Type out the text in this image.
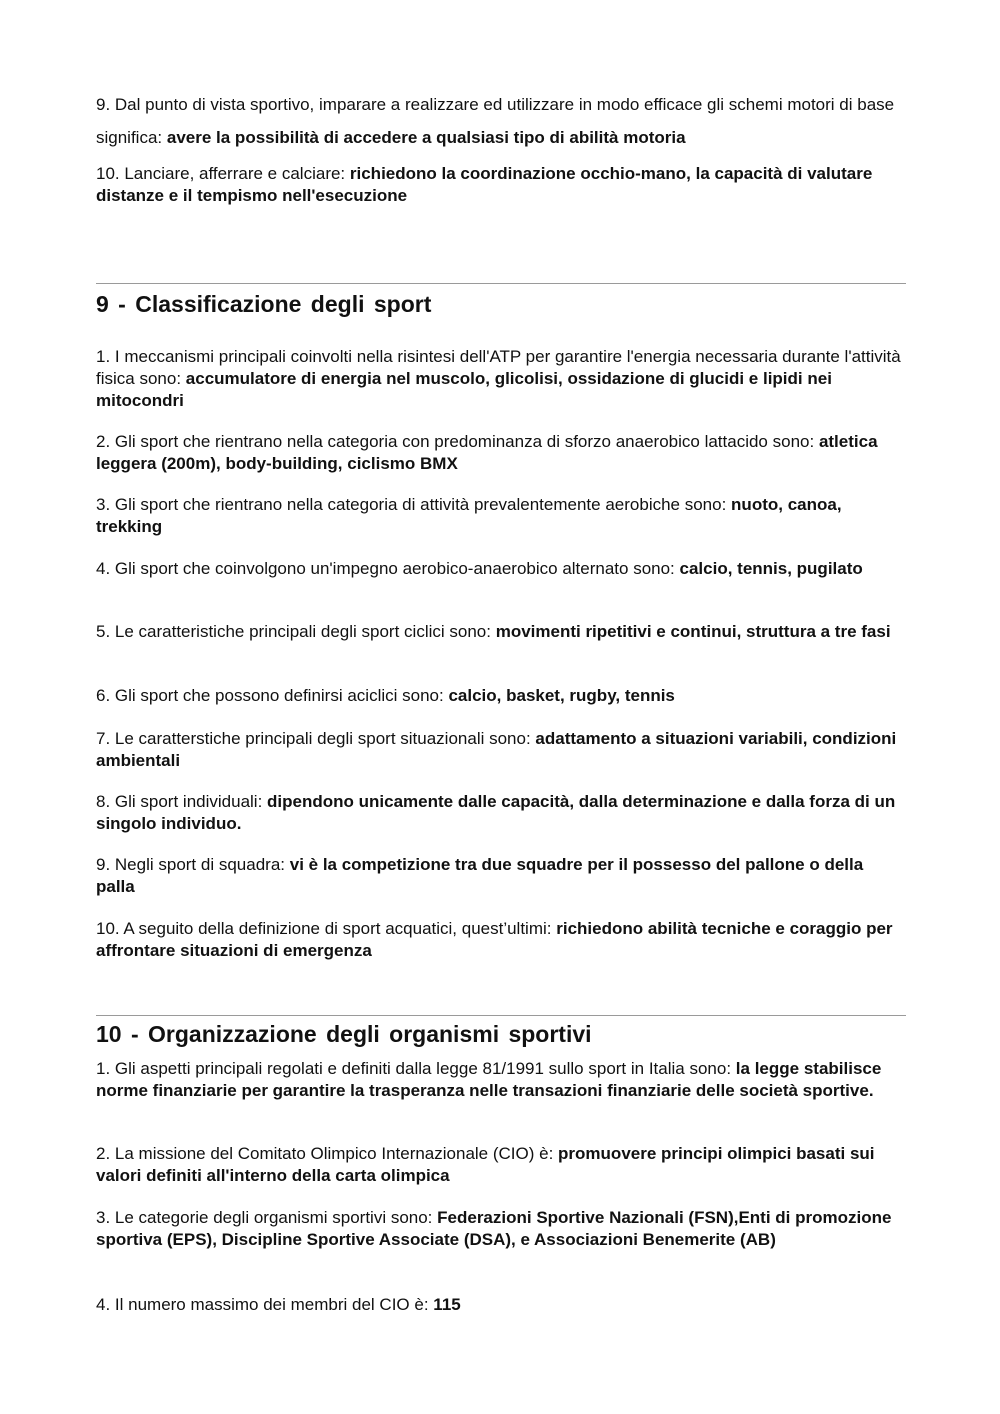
9. Dal punto di vista sportivo, imparare a realizzare ed utilizzare in modo efficace gli schemi motori di base significa: avere la possibilità di accedere a qualsiasi tipo di abilità motoria

10. Lanciare, afferrare e calciare: richiedono la coordinazione occhio-mano, la capacità di valutare distanze e il tempismo nell'esecuzione

9 - Classificazione degli sport

1. I meccanismi principali coinvolti nella risintesi dell'ATP per garantire l'energia necessaria durante l'attività fisica sono: accumulatore di energia nel muscolo, glicolisi, ossidazione di glucidi e lipidi nei mitocondri

2. Gli sport che rientrano nella categoria con predominanza di sforzo anaerobico lattacido sono: atletica leggera (200m), body-building, ciclismo BMX

3. Gli sport che rientrano nella categoria di attività prevalentemente aerobiche sono: nuoto, canoa, trekking

4. Gli sport che coinvolgono un'impegno aerobico-anaerobico alternato sono: calcio, tennis, pugilato

5. Le caratteristiche principali degli sport ciclici sono: movimenti ripetitivi e continui, struttura a tre fasi

6. Gli sport che possono definirsi aciclici sono: calcio, basket, rugby, tennis

7. Le caratterstiche principali degli sport situazionali sono: adattamento a situazioni variabili, condizioni ambientali

8. Gli sport individuali: dipendono unicamente dalle capacità, dalla determinazione e dalla forza di un singolo individuo.

9. Negli sport di squadra: vi è la competizione tra due squadre per il possesso del pallone o della palla

10. A seguito della definizione di sport acquatici, quest’ultimi: richiedono abilità tecniche e coraggio per affrontare situazioni di emergenza

10 - Organizzazione degli organismi sportivi

1. Gli aspetti principali regolati e definiti dalla legge 81/1991 sullo sport in Italia sono: la legge stabilisce norme finanziarie per garantire la trasperanza nelle transazioni finanziarie delle società sportive.

2. La missione del Comitato Olimpico Internazionale (CIO) è: promuovere principi olimpici basati sui valori definiti all'interno della carta olimpica

3. Le categorie degli organismi sportivi sono: Federazioni Sportive Nazionali (FSN),Enti di promozione sportiva (EPS), Discipline Sportive Associate (DSA), e Associazioni Benemerite (AB)

4. Il numero massimo dei membri del CIO è: 115
